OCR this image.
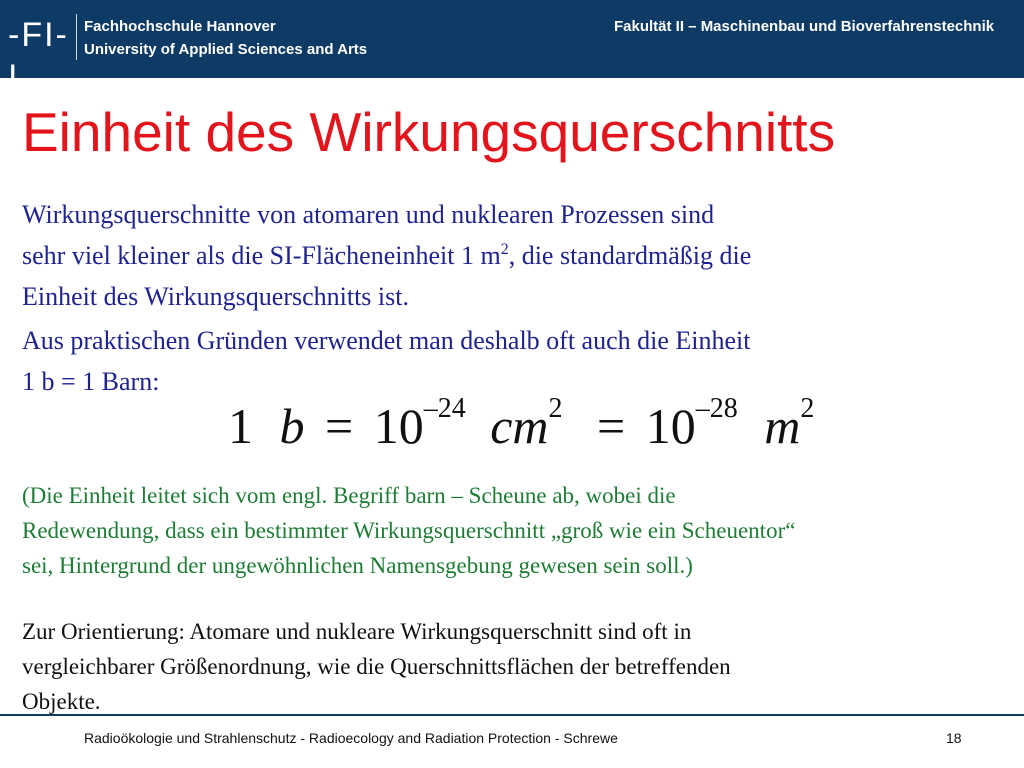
-FI-I
Fachhochschule Hannover
University of Applied Sciences and Arts
Fakultät II – Maschinenbau und Bioverfahrenstechnik
Einheit des Wirkungsquerschnitts

Wirkungsquerschnitte von atomaren und nuklearen Prozessen sind
sehr viel kleiner als die SI-Flächeneinheit 1 $m^2$, die standardmäßig die
Einheit des Wirkungsquerschnitts ist.

Aus praktischen Gründen verwendet man deshalb oft auch die Einheit
1 b = 1 Barn:

1 $b = 10^{-24}$ $cm^2 = 10^{-28}$ $m^2$

(Die Einheit leitet sich vom engl. Begriff barn – Scheune ab, wobei die
Redewendung, dass ein bestimmter Wirkungsquerschnitt „groß wie ein Scheuentor“
sei, Hintergrund der ungewöhnlichen Namensgebung gewesen sein soll.)

Zur Orientierung: Atomare und nukleare Wirkungsquerschnitt sind oft in
vergleichbarer Größenordnung, wie die Querschnittsflächen der betreffenden
Objekte.

Radioökologie und Strahlenschutz - Radioecology and Radiation Protection - Schrewe	18
